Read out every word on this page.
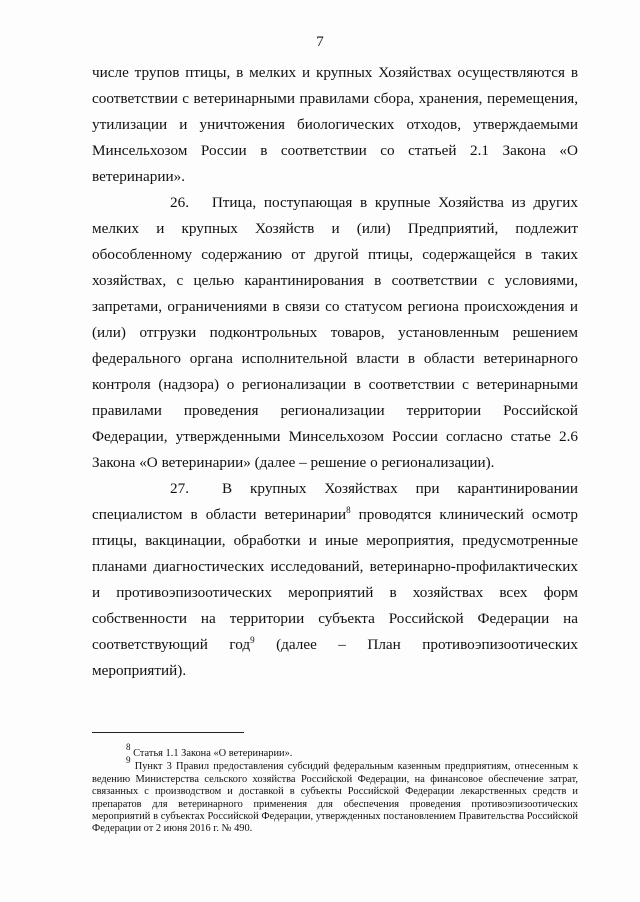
7

числе трупов птицы, в мелких и крупных Хозяйствах осуществляются в соответствии с ветеринарными правилами сбора, хранения, перемещения, утилизации и уничтожения биологических отходов, утверждаемыми Минсельхозом России в соответствии со статьей 2.1 Закона «О ветеринарии».

26.  Птица, поступающая в крупные Хозяйства из других мелких и крупных Хозяйств и (или) Предприятий, подлежит обособленному содержанию от другой птицы, содержащейся в таких хозяйствах, с целью карантинирования в соответствии с условиями, запретами, ограничениями в связи со статусом региона происхождения и (или) отгрузки подконтрольных товаров, установленным решением федерального органа исполнительной власти в области ветеринарного контроля (надзора) о регионализации в соответствии с ветеринарными правилами проведения регионализации территории Российской Федерации, утвержденными Минсельхозом России согласно статье 2.6 Закона «О ветеринарии» (далее – решение о регионализации).

27.  В крупных Хозяйствах при карантинировании специалистом в области ветеринарии$^8$ проводятся клинический осмотр птицы, вакцинации, обработки и иные мероприятия, предусмотренные планами диагностических исследований, ветеринарно-профилактических и противоэпизоотических мероприятий в хозяйствах всех форм собственности на территории субъекта Российской Федерации на соответствующий год$^9$ (далее – План противоэпизоотических мероприятий).

$^8$ Статья 1.1 Закона «О ветеринарии».

$^9$ Пункт 3 Правил предоставления субсидий федеральным казенным предприятиям, отнесенным к ведению Министерства сельского хозяйства Российской Федерации, на финансовое обеспечение затрат, связанных с производством и доставкой в субъекты Российской Федерации лекарственных средств и препаратов для ветеринарного применения для обеспечения проведения противоэпизоотических мероприятий в субъектах Российской Федерации, утвержденных постановлением Правительства Российской Федерации от 2 июня 2016 г. № 490.
